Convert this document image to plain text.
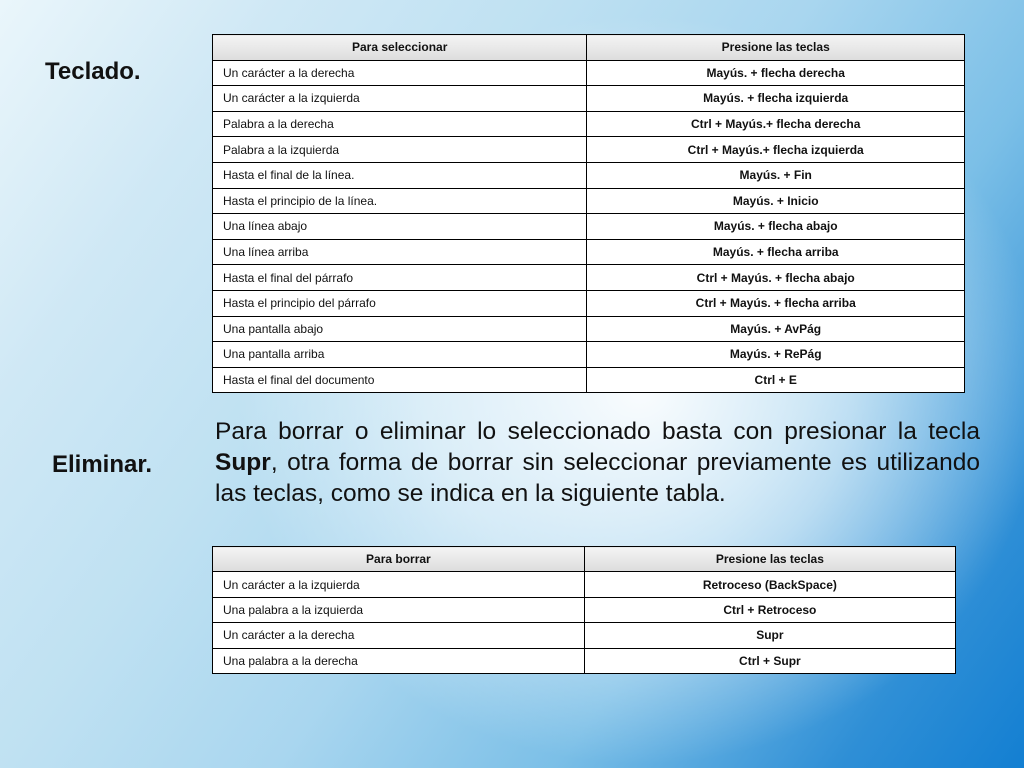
Teclado.
Para seleccionar	Presione las teclas
Un carácter a la derecha	Mayús. + flecha derecha
Un carácter a la izquierda	Mayús. + flecha izquierda
Palabra a la derecha	Ctrl + Mayús.+ flecha derecha
Palabra a la izquierda	Ctrl + Mayús.+ flecha izquierda
Hasta el final de la línea.	Mayús. + Fin
Hasta el principio de la línea.	Mayús. + Inicio
Una línea abajo	Mayús. + flecha abajo
Una línea arriba	Mayús. + flecha arriba
Hasta el final del párrafo	Ctrl + Mayús. + flecha abajo
Hasta el principio del párrafo	Ctrl + Mayús. + flecha arriba
Una pantalla abajo	Mayús. + AvPág
Una pantalla arriba	Mayús. + RePág
Hasta el final del documento	Ctrl + E
Eliminar.

Para borrar o eliminar lo seleccionado basta con presionar la tecla Supr, otra forma de borrar sin seleccionar previamente es utilizando las teclas, como se indica en la siguiente tabla.

Para borrar	Presione las teclas
Un carácter a la izquierda	Retroceso (BackSpace)
Una palabra a la izquierda	Ctrl + Retroceso
Un carácter a la derecha	Supr
Una palabra a la derecha	Ctrl + Supr
